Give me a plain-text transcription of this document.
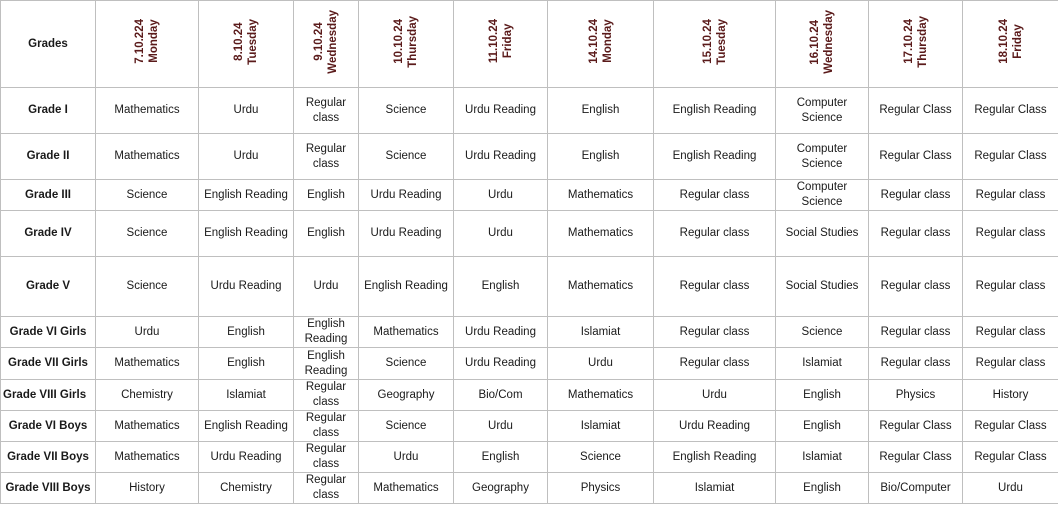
Grades	7.10.224 Monday	8.10.24 Tuesday	9.10.24 Wednesday	10.10.24 Thursday	11.10.24 Friday	14.10.24 Monday	15.10.24 Tuesday	16.10.24 Wednesday	17.10.24 Thursday	18.10.24 Friday
Grade I	Mathematics	Urdu	Regular class	Science	Urdu Reading	English	English Reading	Computer Science	Regular Class	Regular Class
Grade II	Mathematics	Urdu	Regular class	Science	Urdu Reading	English	English Reading	Computer Science	Regular Class	Regular Class
Grade III	Science	English Reading	English	Urdu Reading	Urdu	Mathematics	Regular class	Computer Science	Regular class	Regular class
Grade IV	Science	English Reading	English	Urdu Reading	Urdu	Mathematics	Regular class	Social Studies	Regular class	Regular class
Grade V	Science	Urdu Reading	Urdu	English Reading	English	Mathematics	Regular class	Social Studies	Regular class	Regular class
Grade VI Girls	Urdu	English	English Reading	Mathematics	Urdu Reading	Islamiat	Regular class	Science	Regular class	Regular class
Grade VII Girls	Mathematics	English	English Reading	Science	Urdu Reading	Urdu	Regular class	Islamiat	Regular class	Regular class
Grade VIII Girls	Chemistry	Islamiat	Regular class	Geography	Bio/Com	Mathematics	Urdu	English	Physics	History
Grade VI Boys	Mathematics	English Reading	Regular class	Science	Urdu	Islamiat	Urdu Reading	English	Regular Class	Regular Class
Grade VII Boys	Mathematics	Urdu Reading	Regular class	Urdu	English	Science	English Reading	Islamiat	Regular Class	Regular Class
Grade VIII Boys	History	Chemistry	Regular class	Mathematics	Geography	Physics	Islamiat	English	Bio/Computer	Urdu
